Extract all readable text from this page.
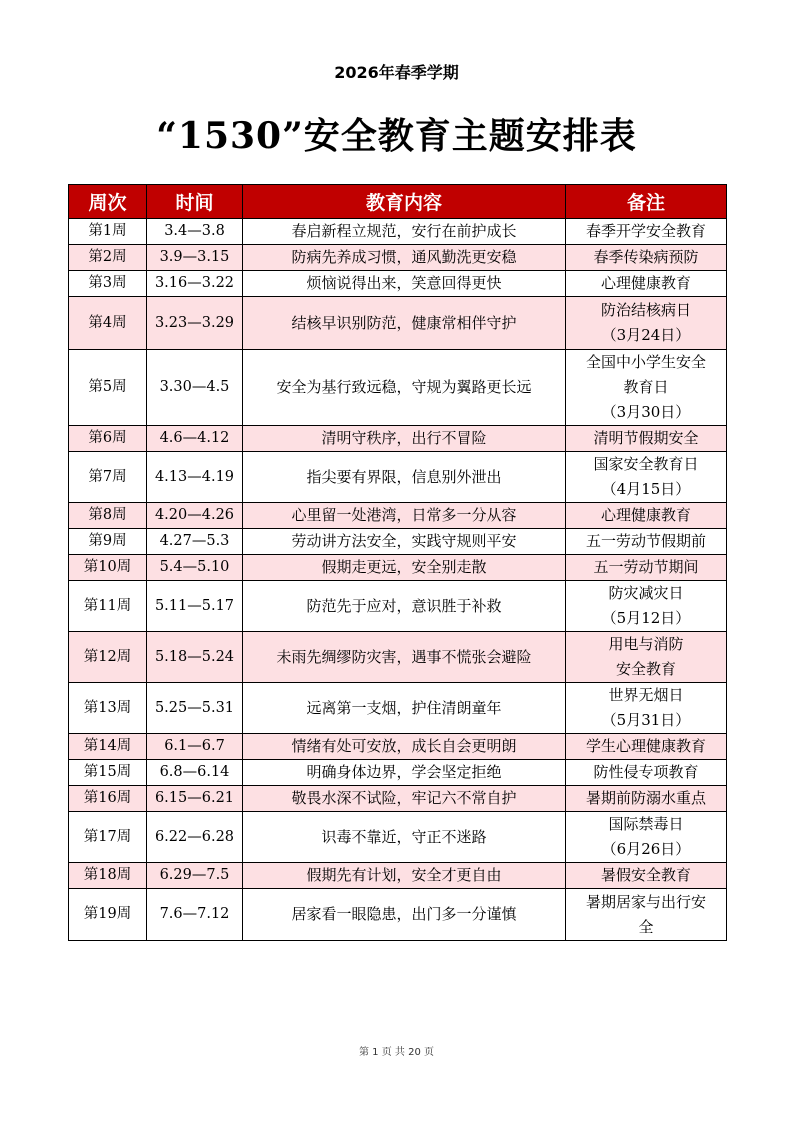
2026年春季学期
“1530”安全教育主题安排表
周次	时间	教育内容	备注
第1周	3.4—3.8	春启新程立规范，安行在前护成长	春季开学安全教育

第2周	3.9—3.15	防病先养成习惯，通风勤洗更安稳	春季传染病预防

第3周	3.16—3.22	烦恼说得出来，笑意回得更快	心理健康教育

第4周	3.23—3.29	结核早识别防范，健康常相伴守护	防治结核病日
（3月24日）

第5周	3.30—4.5	安全为基行致远稳，守规为翼路更长远	全国中小学生安全
教育日
（3月30日）

第6周	4.6—4.12	清明守秩序，出行不冒险	清明节假期安全

第7周	4.13—4.19	指尖要有界限，信息别外泄出	国家安全教育日
（4月15日）

第8周	4.20—4.26	心里留一处港湾，日常多一分从容	心理健康教育

第9周	4.27—5.3	劳动讲方法安全，实践守规则平安	五一劳动节假期前

第10周	5.4—5.10	假期走更远，安全别走散	五一劳动节期间

第11周	5.11—5.17	防范先于应对，意识胜于补救	防灾减灾日
（5月12日）

第12周	5.18—5.24	未雨先绸缪防灾害，遇事不慌张会避险	用电与消防
安全教育

第13周	5.25—5.31	远离第一支烟，护住清朗童年	世界无烟日
（5月31日）

第14周	6.1—6.7	情绪有处可安放，成长自会更明朗	学生心理健康教育

第15周	6.8—6.14	明确身体边界，学会坚定拒绝	防性侵专项教育

第16周	6.15—6.21	敬畏水深不试险，牢记六不常自护	暑期前防溺水重点

第17周	6.22—6.28	识毒不靠近，守正不迷路	国际禁毒日
（6月26日）

第18周	6.29—7.5	假期先有计划，安全才更自由	暑假安全教育

第19周	7.6—7.12	居家看一眼隐患，出门多一分谨慎	暑期居家与出行安
全
第 1 页 共 20 页
